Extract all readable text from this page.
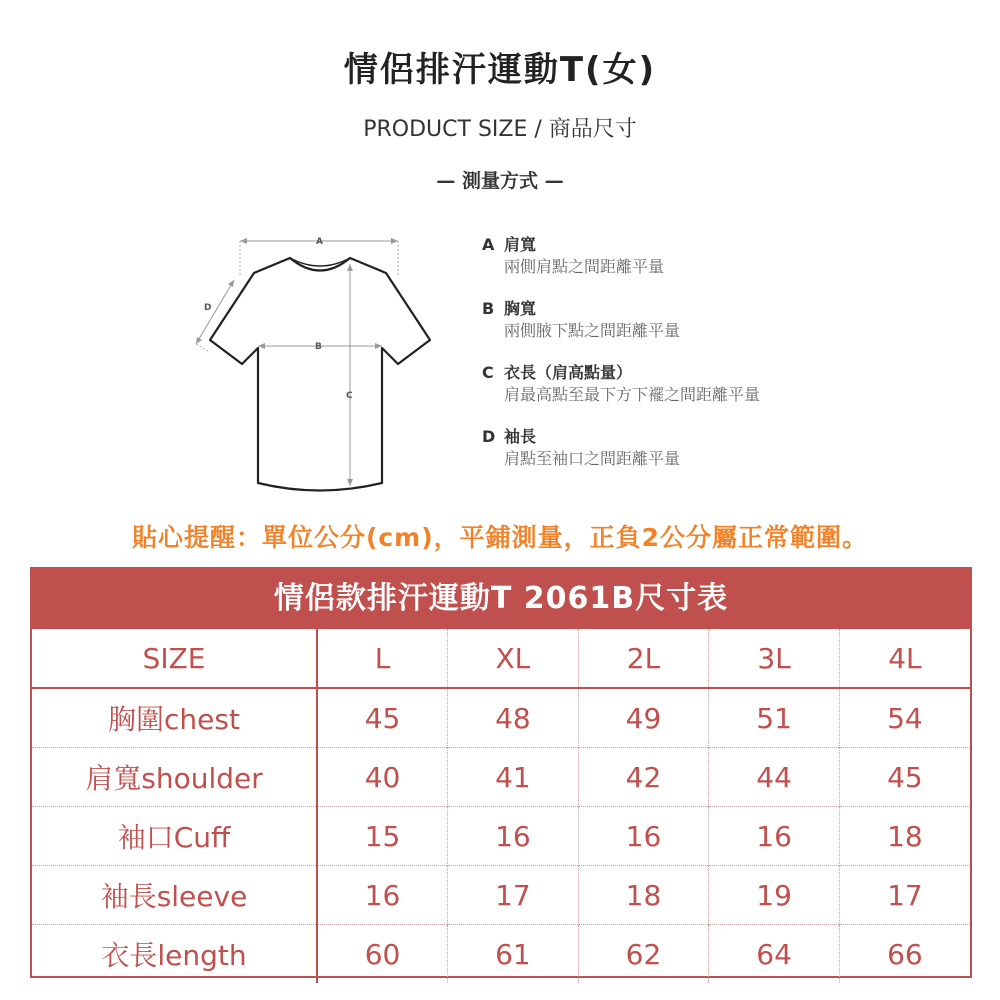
情侶排汗運動T(女)
PRODUCT SIZE / 商品尺寸
— 測量方式 —
A
B
C
D
A 肩寬
兩側肩點之間距離平量
B 胸寬
兩側腋下點之間距離平量
C 衣長（肩高點量）
肩最高點至最下方下襬之間距離平量
D 袖長
肩點至袖口之間距離平量
貼心提醒：單位公分(cm)，平鋪測量，正負2公分屬正常範圍。
情侶款排汗運動T 2061B尺寸表
SIZE	L	XL	2L	3L	4L
胸圍chest	45	48	49	51	54
肩寬shoulder	40	41	42	44	45
袖口Cuff	15	16	16	16	18
袖長sleeve	16	17	18	19	17
衣長length	60	61	62	64	66
